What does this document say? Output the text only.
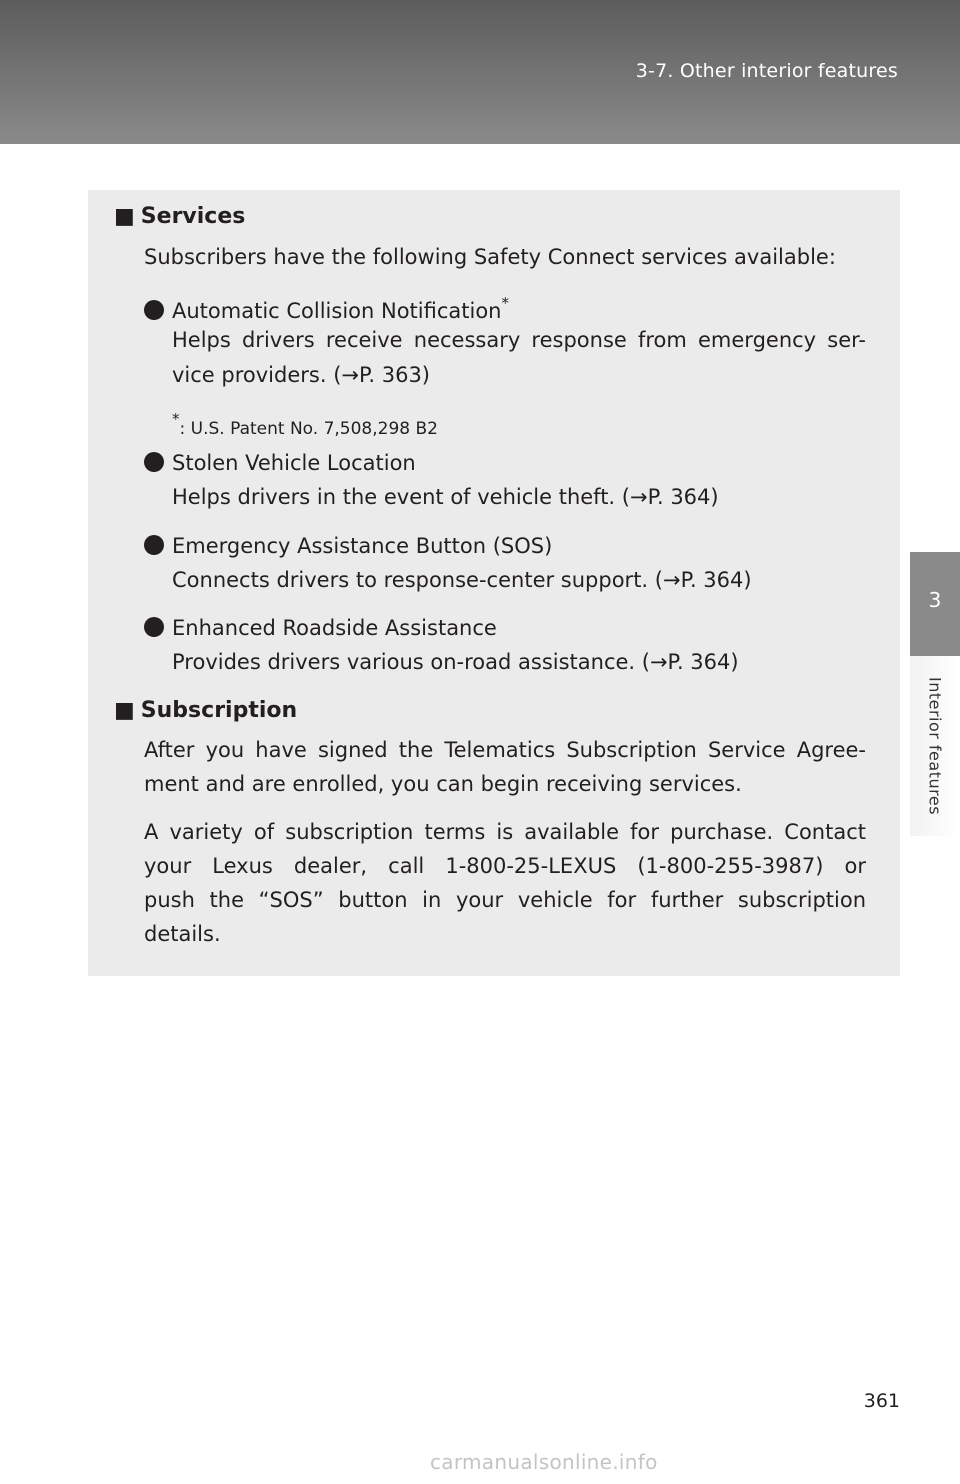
3-7. Other interior features
3
Interior features
■ Services
Subscribers have the following Safety Connect services available:
Automatic Collision Notification*
Helps drivers receive necessary response from emergency ser-
vice providers. (→P. 363)
*: U.S. Patent No. 7,508,298 B2
Stolen Vehicle Location
Helps drivers in the event of vehicle theft. (→P. 364)
Emergency Assistance Button (SOS)
Connects drivers to response-center support. (→P. 364)
Enhanced Roadside Assistance
Provides drivers various on-road assistance. (→P. 364)
■ Subscription
After you have signed the Telematics Subscription Service Agree-
ment and are enrolled, you can begin receiving services.
A variety of subscription terms is available for purchase. Contact
your Lexus dealer, call 1-800-25-LEXUS (1-800-255-3987) or
push the “SOS” button in your vehicle for further subscription
details.
361
carmanualsonline.info
